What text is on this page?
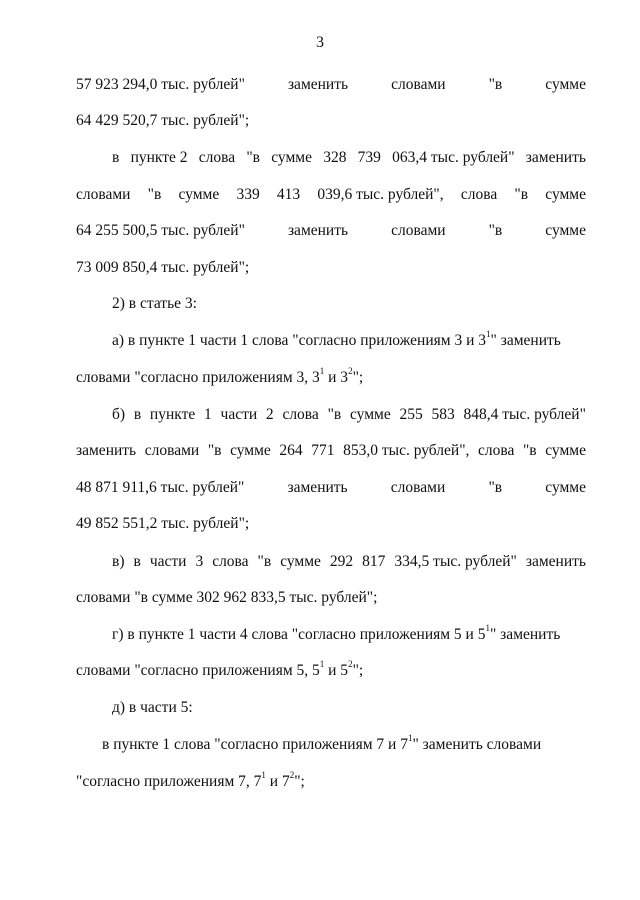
3
57 923 294,0 тыс. рублей"	заменить	словами	"в	сумме
64 429 520,7 тыс. рублей";
в пункте 2 слова "в сумме 328 739 063,4 тыс. рублей" заменить
словами "в сумме 339 413 039,6 тыс. рублей", слова "в сумме
64 255 500,5 тыс. рублей"	заменить	словами	"в	сумме
73 009 850,4 тыс. рублей";
2) в статье 3:
а) в пункте 1 части 1 слова "согласно приложениям 3 и $3^1$" заменить
словами "согласно приложениям 3, $3^1$ и $3^2$";
б) в пункте 1 части 2 слова "в сумме 255 583 848,4 тыс. рублей"
заменить словами "в сумме 264 771 853,0 тыс. рублей", слова "в сумме
48 871 911,6 тыс. рублей"	заменить	словами	"в	сумме
49 852 551,2 тыс. рублей";
в) в части 3 слова "в сумме 292 817 334,5 тыс. рублей" заменить
словами "в сумме 302 962 833,5 тыс. рублей";
г) в пункте 1 части 4 слова "согласно приложениям 5 и $5^1$" заменить
словами "согласно приложениям 5, $5^1$ и $5^2$";
д) в части 5:
в пункте 1 слова "согласно приложениям 7 и $7^1$" заменить словами
"согласно приложениям 7, $7^1$ и $7^2$";
